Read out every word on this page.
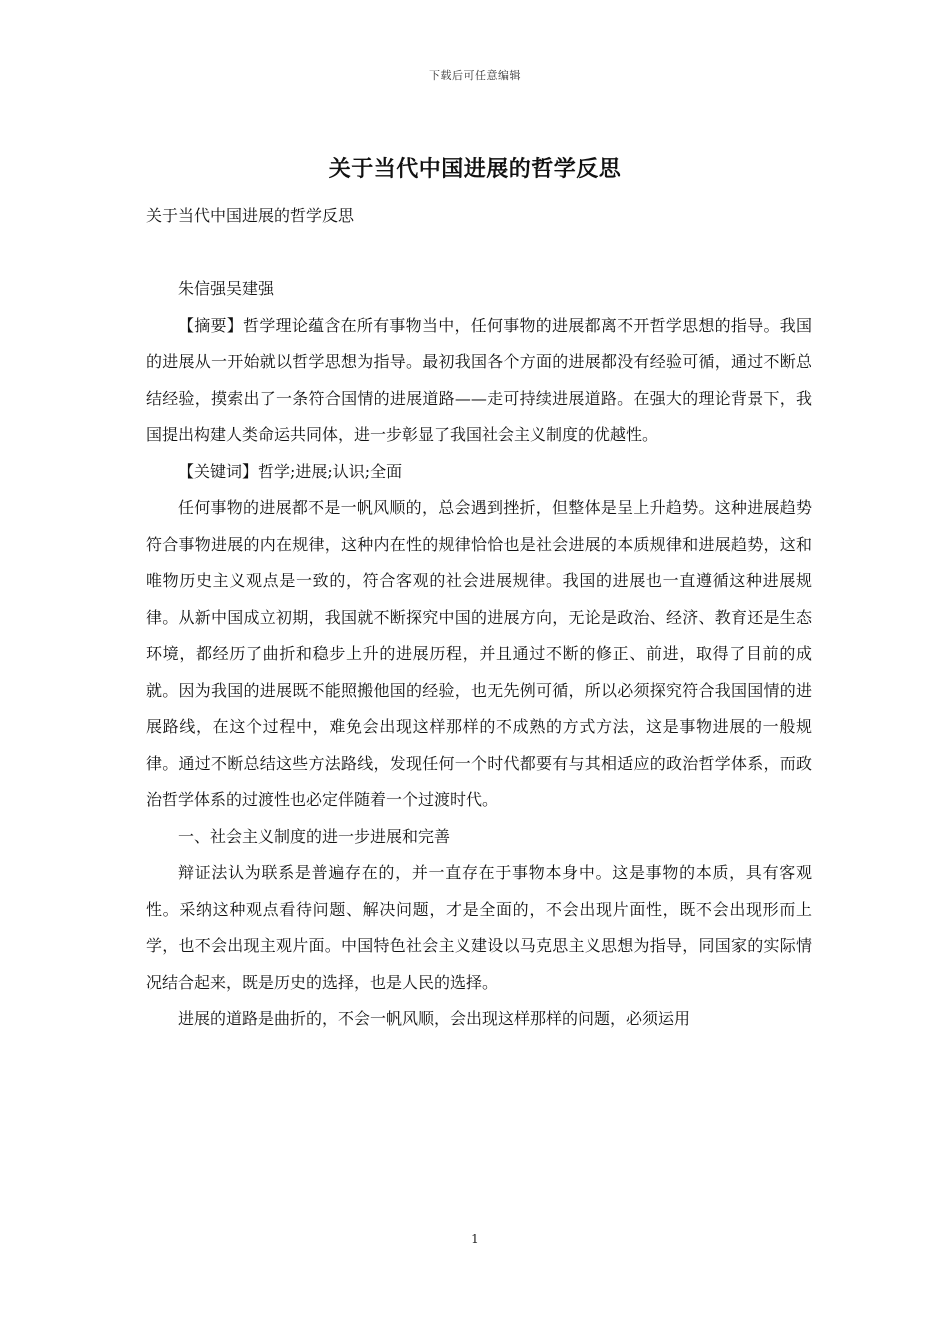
下载后可任意编辑
关于当代中国进展的哲学反思

关于当代中国进展的哲学反思

朱信强吴建强

【摘要】哲学理论蕴含在所有事物当中，任何事物的进展都离不开哲学思想的指导。我国的进展从一开始就以哲学思想为指导。最初我国各个方面的进展都没有经验可循，通过不断总结经验，摸索出了一条符合国情的进展道路——走可持续进展道路。在强大的理论背景下，我国提出构建人类命运共同体，进一步彰显了我国社会主义制度的优越性。

【关键词】哲学;进展;认识;全面

任何事物的进展都不是一帆风顺的，总会遇到挫折，但整体是呈上升趋势。这种进展趋势符合事物进展的内在规律，这种内在性的规律恰恰也是社会进展的本质规律和进展趋势，这和唯物历史主义观点是一致的，符合客观的社会进展规律。我国的进展也一直遵循这种进展规律。从新中国成立初期，我国就不断探究中国的进展方向，无论是政治、经济、教育还是生态环境，都经历了曲折和稳步上升的进展历程，并且通过不断的修正、前进，取得了目前的成就。因为我国的进展既不能照搬他国的经验，也无先例可循，所以必须探究符合我国国情的进展路线，在这个过程中，难免会出现这样那样的不成熟的方式方法，这是事物进展的一般规律。通过不断总结这些方法路线，发现任何一个时代都要有与其相适应的政治哲学体系，而政治哲学体系的过渡性也必定伴随着一个过渡时代。

一、社会主义制度的进一步进展和完善

辩证法认为联系是普遍存在的，并一直存在于事物本身中。这是事物的本质，具有客观性。采纳这种观点看待问题、解决问题，才是全面的，不会出现片面性，既不会出现形而上学，也不会出现主观片面。中国特色社会主义建设以马克思主义思想为指导，同国家的实际情况结合起来，既是历史的选择，也是人民的选择。

进展的道路是曲折的，不会一帆风顺，会出现这样那样的问题，必须运用

1
